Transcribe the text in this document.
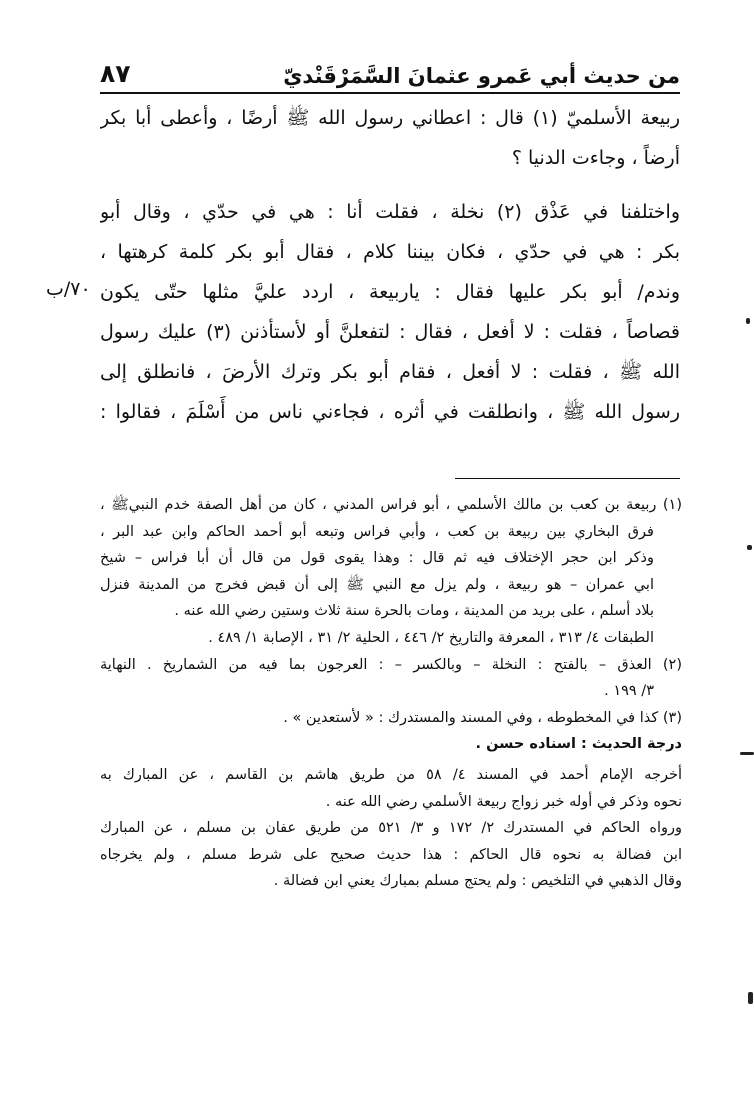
من حديث أبي عَمرو عثمانَ السَّمَرْقَنْديّ
٨٧
ربيعة الأسلميّ (١) قال : اعطاني رسول الله ﷺ أرضًا ، وأعطى أبا بكر
أرضاً ، وجاءت الدنيا ؟
واختلفنا في عَذْق (٢) نخلة ، فقلت أنا : هي في حدّي ، وقال أبو
بكر : هي في حدّي ، فكان بيننا كلام ، فقال أبو بكر كلمة كرهتها ،
وندم/ أبو بكر عليها فقال : ياربيعة ، اردد عليَّ مثلها حتّى يكون
قصاصاً ، فقلت : لا أفعل ، فقال : لتفعلنَّ أو لأستأذنن (٣) عليك رسول
الله ﷺ ، فقلت : لا أفعل ، فقام أبو بكر وترك الأرضَ ، فانطلق إلى
رسول الله ﷺ ، وانطلقت في أثره ، فجاءني ناس من أَسْلَمَ ، فقالوا :
٧٠/ب
(١) ربيعة بن كعب بن مالك الأسلمي ، أبو فراس المدني ، كان من أهل الصفة خدم النبيﷺ ،
فرق البخاري بين ربيعة بن كعب ، وأبي فراس وتبعه أبو أحمد الحاكم وابن عبد البر ،
وذكر ابن حجر الإختلاف فيه ثم قال : وهذا يقوى قول من قال أن أبا فراس – شيخ
ابي عمران – هو ربيعة ، ولم يزل مع النبي ﷺ إلى أن قبض فخرج من المدينة فنزل
بلاد أسلم ، على بريد من المدينة ، ومات بالحرة سنة ثلاث وستين رضي الله عنه .
الطبقات ٤/ ٣١٣ ، المعرفة والتاريخ ٢/ ٤٤٦ ، الحلية ٢/ ٣١ ، الإصابة ١/ ٤٨٩ .
(٢) العذق – بالفتح : النخلة – وبالكسر – : العرجون بما فيه من الشماريخ . النهاية
٣/ ١٩٩ .
(٣) كذا في المخطوطه ، وفي المسند والمستدرك : « لأستعدين » .
درجة الحديث : اسناده حسن .
أخرجه الإمام أحمد في المسند ٤/ ٥٨ من طريق هاشم بن القاسم ، عن المبارك به
نحوه وذكر في أوله خبر زواج ربيعة الأسلمي رضي الله عنه .
ورواه الحاكم في المستدرك ٢/ ١٧٢ و ٣/ ٥٢١ من طريق عفان بن مسلم ، عن المبارك
ابن فضالة به نحوه قال الحاكم : هذا حديث صحيح على شرط مسلم ، ولم يخرجاه
وقال الذهبي في التلخيص : ولم يحتج مسلم بمبارك يعني ابن فضالة .
